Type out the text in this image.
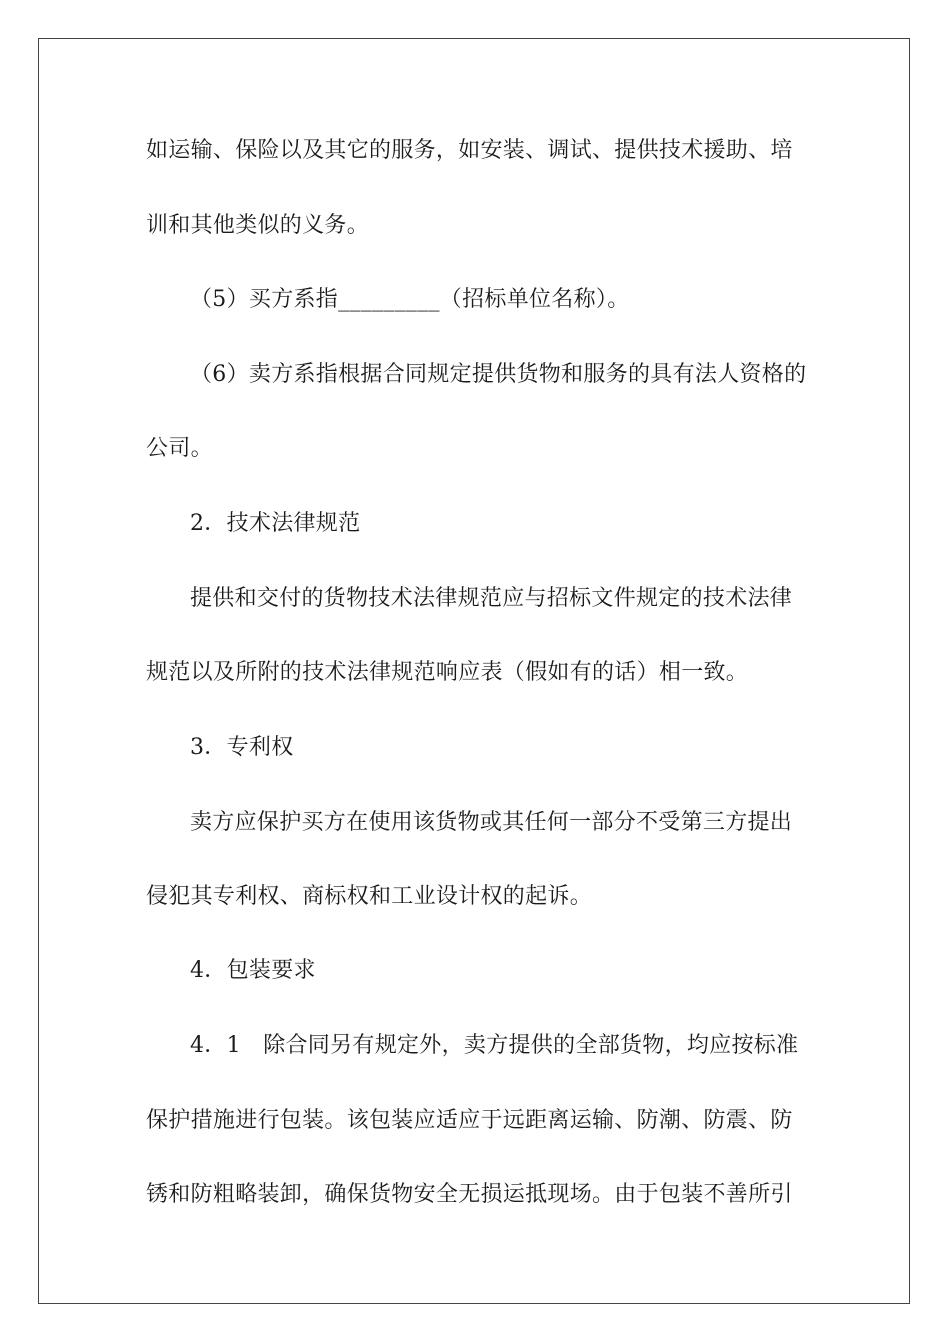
如运输、保险以及其它的服务，如安装、调试、提供技术援助、培
训和其他类似的义务。
（5）买方系指_________（招标单位名称）。
（6）卖方系指根据合同规定提供货物和服务的具有法人资格的
公司。
2．技术法律规范
提供和交付的货物技术法律规范应与招标文件规定的技术法律
规范以及所附的技术法律规范响应表（假如有的话）相一致。
3．专利权
卖方应保护买方在使用该货物或其任何一部分不受第三方提出
侵犯其专利权、商标权和工业设计权的起诉。
4．包装要求
4．1　除合同另有规定外，卖方提供的全部货物，均应按标准
保护措施进行包装。该包装应适应于远距离运输、防潮、防震、防
锈和防粗略装卸，确保货物安全无损运抵现场。由于包装不善所引
